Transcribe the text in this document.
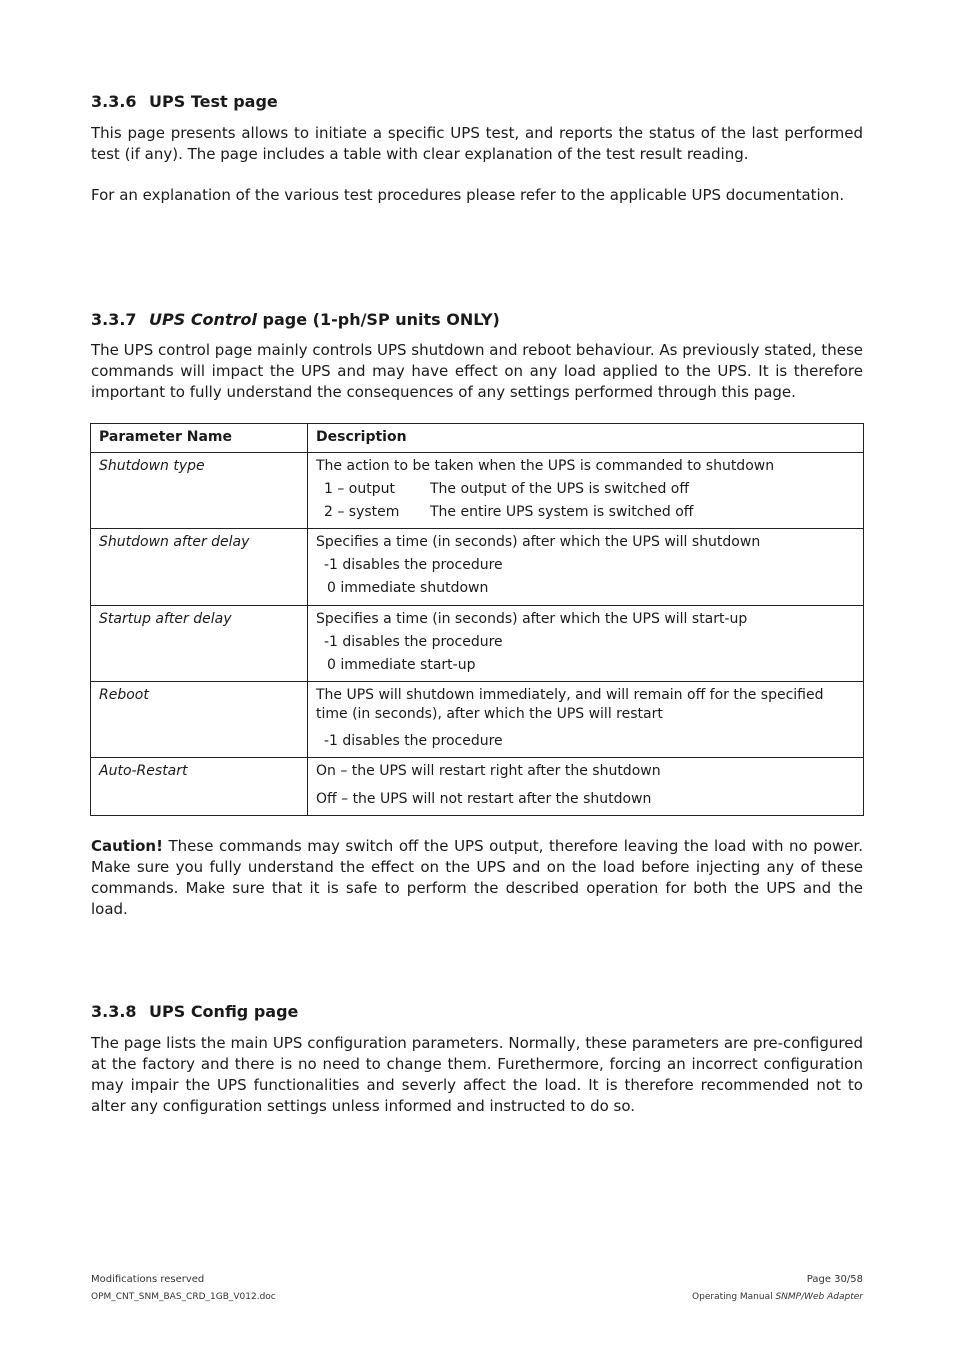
3.3.6 UPS Test page

This page presents allows to initiate a specific UPS test, and reports the status of the last performed test (if any). The page includes a table with clear explanation of the test result reading.

For an explanation of the various test procedures please refer to the applicable UPS documentation.

3.3.7 UPS Control page (1-ph/SP units ONLY)

The UPS control page mainly controls UPS shutdown and reboot behaviour. As previously stated, these commands will impact the UPS and may have effect on any load applied to the UPS. It is therefore important to fully understand the consequences of any settings performed through this page.

Parameter Name	Description
Shutdown type	The action to be taken when the UPS is commanded to shutdown
1 – output The output of the UPS is switched off
2 – system The entire UPS system is switched off

Shutdown after delay	Specifies a time (in seconds) after which the UPS will shutdown
-1 disables the procedure
0 immediate shutdown

Startup after delay	Specifies a time (in seconds) after which the UPS will start-up
-1 disables the procedure
0 immediate start-up

Reboot	The UPS will shutdown immediately, and will remain off for the specified time (in seconds), after which the UPS will restart
-1 disables the procedure

Auto-Restart	On – the UPS will restart right after the shutdown
Off – the UPS will not restart after the shutdown

Caution! These commands may switch off the UPS output, therefore leaving the load with no power. Make sure you fully understand the effect on the UPS and on the load before injecting any of these commands. Make sure that it is safe to perform the described operation for both the UPS and the load.

3.3.8 UPS Config page

The page lists the main UPS configuration parameters. Normally, these parameters are pre-configured at the factory and there is no need to change them. Furethermore, forcing an incorrect configuration may impair the UPS functionalities and severly affect the load. It is therefore recommended not to alter any configuration settings unless informed and instructed to do so.

Modifications reserved

OPM_CNT_SNM_BAS_CRD_1GB_V012.doc

Page 30/58

Operating Manual SNMP/Web Adapter
